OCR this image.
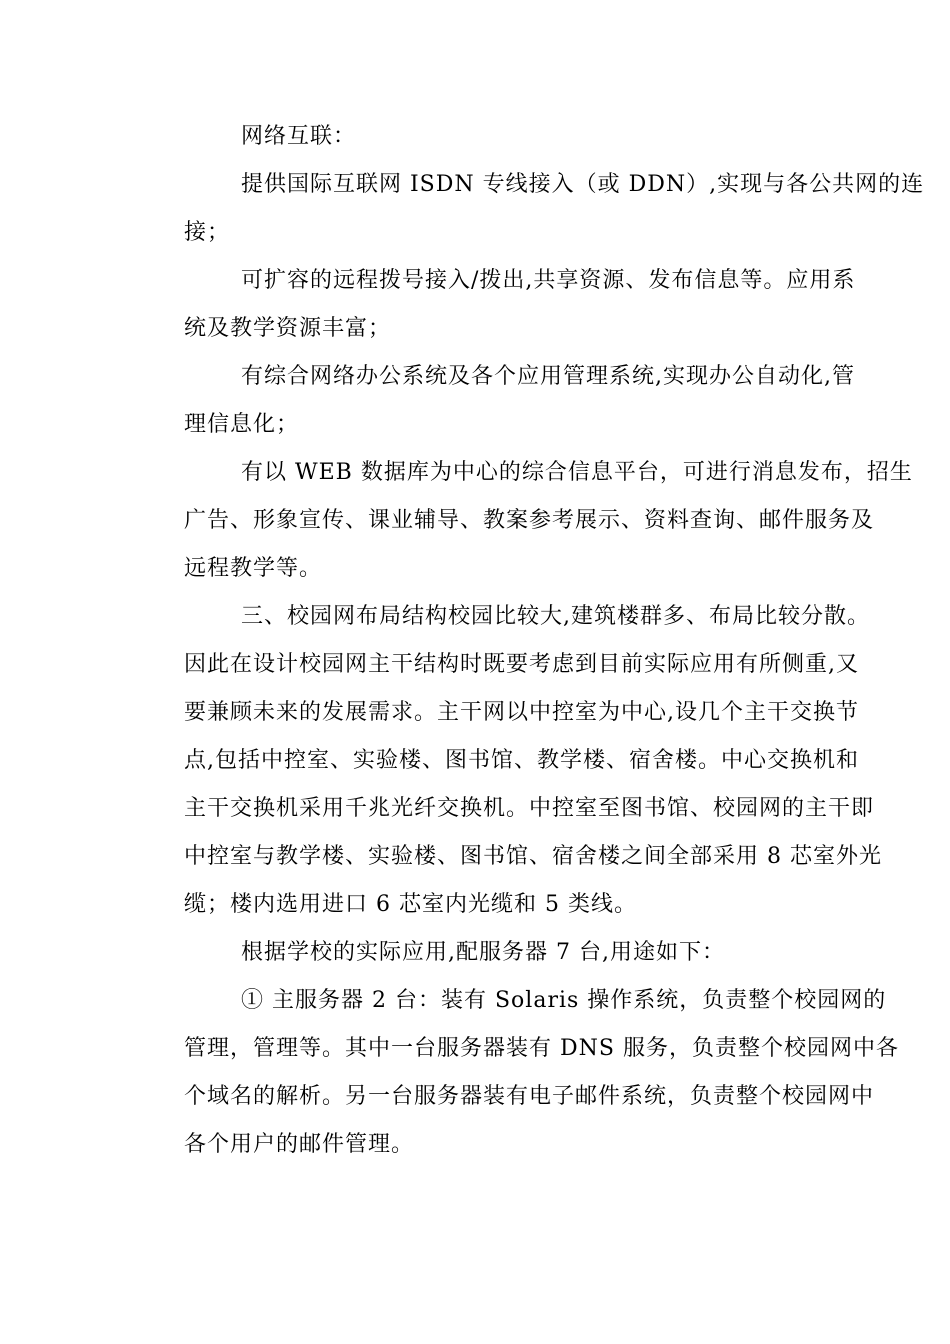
网络互联：
提供国际互联网 ISDN 专线接入（或 DDN）,实现与各公共网的连
接；
可扩容的远程拨号接入/拨出,共享资源、发布信息等。应用系
统及教学资源丰富；
有综合网络办公系统及各个应用管理系统,实现办公自动化,管
理信息化；
有以 WEB 数据库为中心的综合信息平台，可进行消息发布，招生
广告、形象宣传、课业辅导、教案参考展示、资料查询、邮件服务及
远程教学等。
三、校园网布局结构校园比较大,建筑楼群多、布局比较分散。
因此在设计校园网主干结构时既要考虑到目前实际应用有所侧重,又
要兼顾未来的发展需求。主干网以中控室为中心,设几个主干交换节
点,包括中控室、实验楼、图书馆、教学楼、宿舍楼。中心交换机和
主干交换机采用千兆光纤交换机。中控室至图书馆、校园网的主干即
中控室与教学楼、实验楼、图书馆、宿舍楼之间全部采用 8 芯室外光
缆；楼内选用进口 6 芯室内光缆和 5 类线。
根据学校的实际应用,配服务器 7 台,用途如下：
① 主服务器 2 台：装有 Solaris 操作系统，负责整个校园网的
管理，管理等。其中一台服务器装有 DNS 服务，负责整个校园网中各
个域名的解析。另一台服务器装有电子邮件系统，负责整个校园网中
各个用户的邮件管理。
